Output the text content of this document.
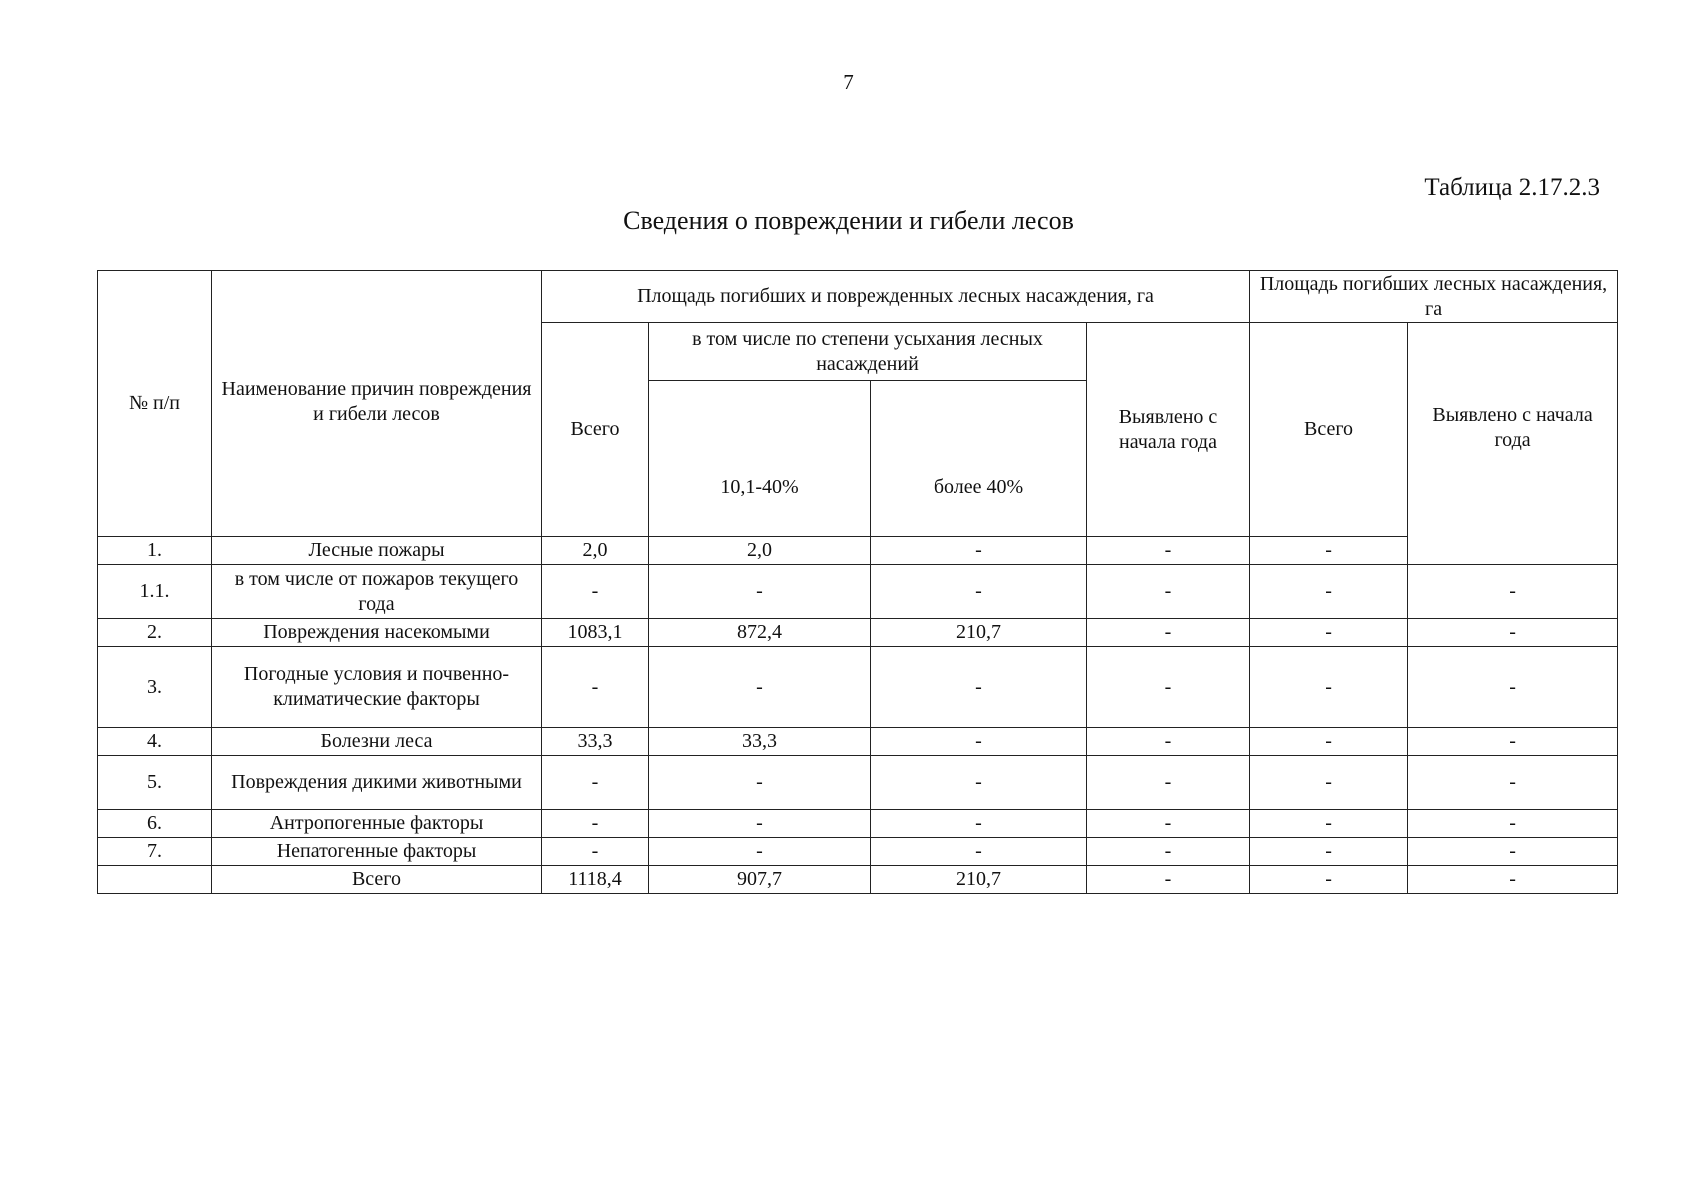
7
Таблица 2.17.2.3
Сведения о повреждении и гибели лесов
№ п/п	Наименование причин повреждения и гибели лесов	Площадь погибших и поврежденных лесных насаждения, га				Площадь погибших лесных насаждения, га	
		Всего	в том числе по степени усыхания лесных насаждений		Выявлено с начала года	Всего	Выявлено с начала года
			10,1-40%	более 40%			
1.	Лесные пожары	2,0	2,0	-	-	-	
1.1.	в том числе от пожаров текущего года	-	-	-	-	-	-
2.	Повреждения насекомыми	1083,1	872,4	210,7	-	-	-
3.	Погодные условия и почвенно-климатические факторы	-	-	-	-	-	-
4.	Болезни леса	33,3	33,3	-	-	-	-
5.	Повреждения дикими животными	-	-	-	-	-	-
6.	Антропогенные факторы	-	-	-	-	-	-
7.	Непатогенные факторы	-	-	-	-	-	-
	Всего	1118,4	907,7	210,7	-	-	-
